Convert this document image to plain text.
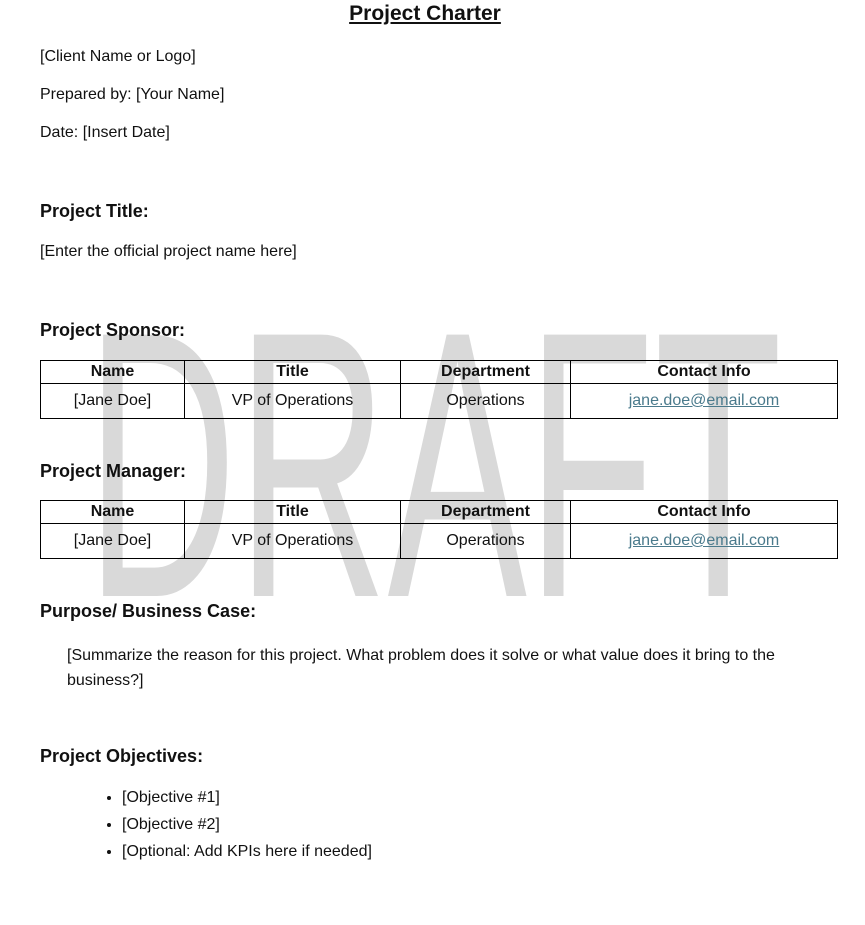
DRAFT
Project Charter
[Client Name or Logo]
Prepared by: [Your Name]
Date: [Insert Date]
Project Title:
[Enter the official project name here]
Project Sponsor:
Name	Title	Department	Contact Info
[Jane Doe]	VP of Operations	Operations	jane.doe@email.com
Project Manager:
Name	Title	Department	Contact Info
[Jane Doe]	VP of Operations	Operations	jane.doe@email.com
Purpose/ Business Case:
[Summarize the reason for this project. What problem does it solve or what value does it bring to the business?]
Project Objectives:
• [Objective #1]
• [Objective #2]
• [Optional: Add KPIs here if needed]
